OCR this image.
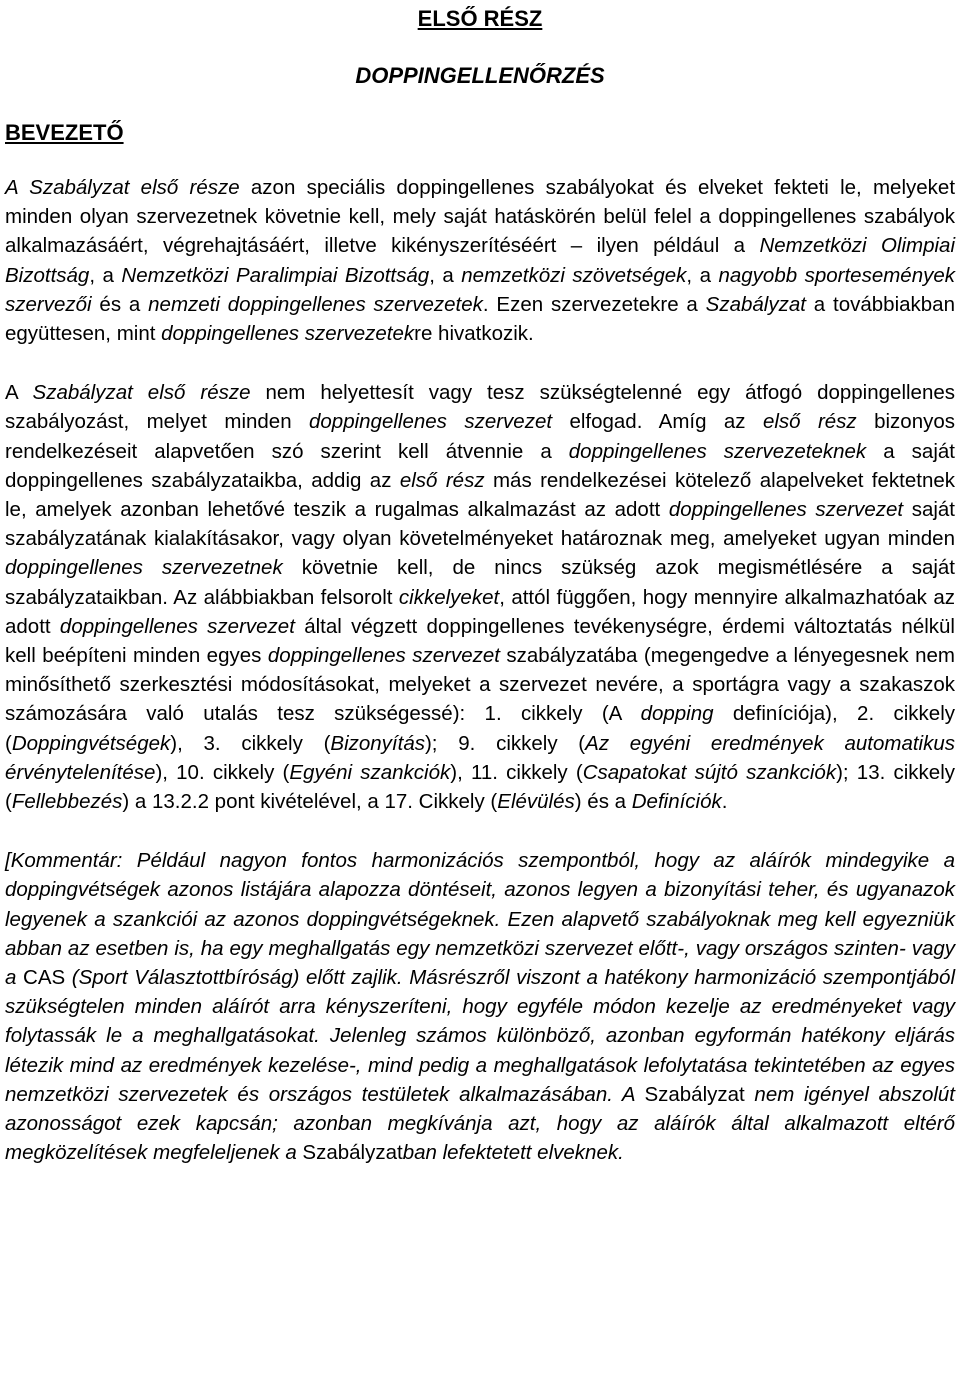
ELSŐ RÉSZ
DOPPINGELLENŐRZÉS
BEVEZETŐ

A Szabályzat első része azon speciális doppingellenes szabályokat és elveket fekteti le, melyeket minden olyan szervezetnek követnie kell, mely saját hatáskörén belül felel a doppingellenes szabályok alkalmazásáért, végrehajtásáért, illetve kikényszerítéséért – ilyen például a Nemzetközi Olimpiai Bizottság, a Nemzetközi Paralimpiai Bizottság, a nemzetközi szövetségek, a nagyobb sportesemények szervezői és a nemzeti doppingellenes szervezetek. Ezen szervezetekre a Szabályzat a továbbiakban együttesen, mint doppingellenes szervezetekre hivatkozik.

A Szabályzat első része nem helyettesít vagy tesz szükségtelenné egy átfogó doppingellenes szabályozást, melyet minden doppingellenes szervezet elfogad. Amíg az első rész bizonyos rendelkezéseit alapvetően szó szerint kell átvennie a doppingellenes szervezeteknek a saját doppingellenes szabályzataikba, addig az első rész más rendelkezései kötelező alapelveket fektetnek le, amelyek azonban lehetővé teszik a rugalmas alkalmazást az adott doppingellenes szervezet saját szabályzatának kialakításakor, vagy olyan követelményeket határoznak meg, amelyeket ugyan minden doppingellenes szervezetnek követnie kell, de nincs szükség azok megismétlésére a saját szabályzataikban. Az alábbiakban felsorolt cikkelyeket, attól függően, hogy mennyire alkalmazhatóak az adott doppingellenes szervezet által végzett doppingellenes tevékenységre, érdemi változtatás nélkül kell beépíteni minden egyes doppingellenes szervezet szabályzatába (megengedve a lényegesnek nem minősíthető szerkesztési módosításokat, melyeket a szervezet nevére, a sportágra vagy a szakaszok számozására való utalás tesz szükségessé): 1. cikkely (A dopping definíciója), 2. cikkely (Doppingvétségek), 3. cikkely (Bizonyítás); 9. cikkely (Az egyéni eredmények automatikus érvénytelenítése), 10. cikkely (Egyéni szankciók), 11. cikkely (Csapatokat sújtó szankciók); 13. cikkely (Fellebbezés) a 13.2.2 pont kivételével, a 17. Cikkely (Elévülés) és a Definíciók.

[Kommentár: Például nagyon fontos harmonizációs szempontból, hogy az aláírók mindegyike a doppingvétségek azonos listájára alapozza döntéseit, azonos legyen a bizonyítási teher, és ugyanazok legyenek a szankciói az azonos doppingvétségeknek. Ezen alapvető szabályoknak meg kell egyezniük abban az esetben is, ha egy meghallgatás egy nemzetközi szervezet előtt-, vagy országos szinten- vagy a CAS (Sport Választottbíróság) előtt zajlik. Másrészről viszont a hatékony harmonizáció szempontjából szükségtelen minden aláírót arra kényszeríteni, hogy egyféle módon kezelje az eredményeket vagy folytassák le a meghallgatásokat. Jelenleg számos különböző, azonban egyformán hatékony eljárás létezik mind az eredmények kezelése-, mind pedig a meghallgatások lefolytatása tekintetében az egyes nemzetközi szervezetek és országos testületek alkalmazásában. A Szabályzat nem igényel abszolút azonosságot ezek kapcsán; azonban megkívánja azt, hogy az aláírók által alkalmazott eltérő megközelítések megfeleljenek a Szabályzatban lefektetett elveknek.
